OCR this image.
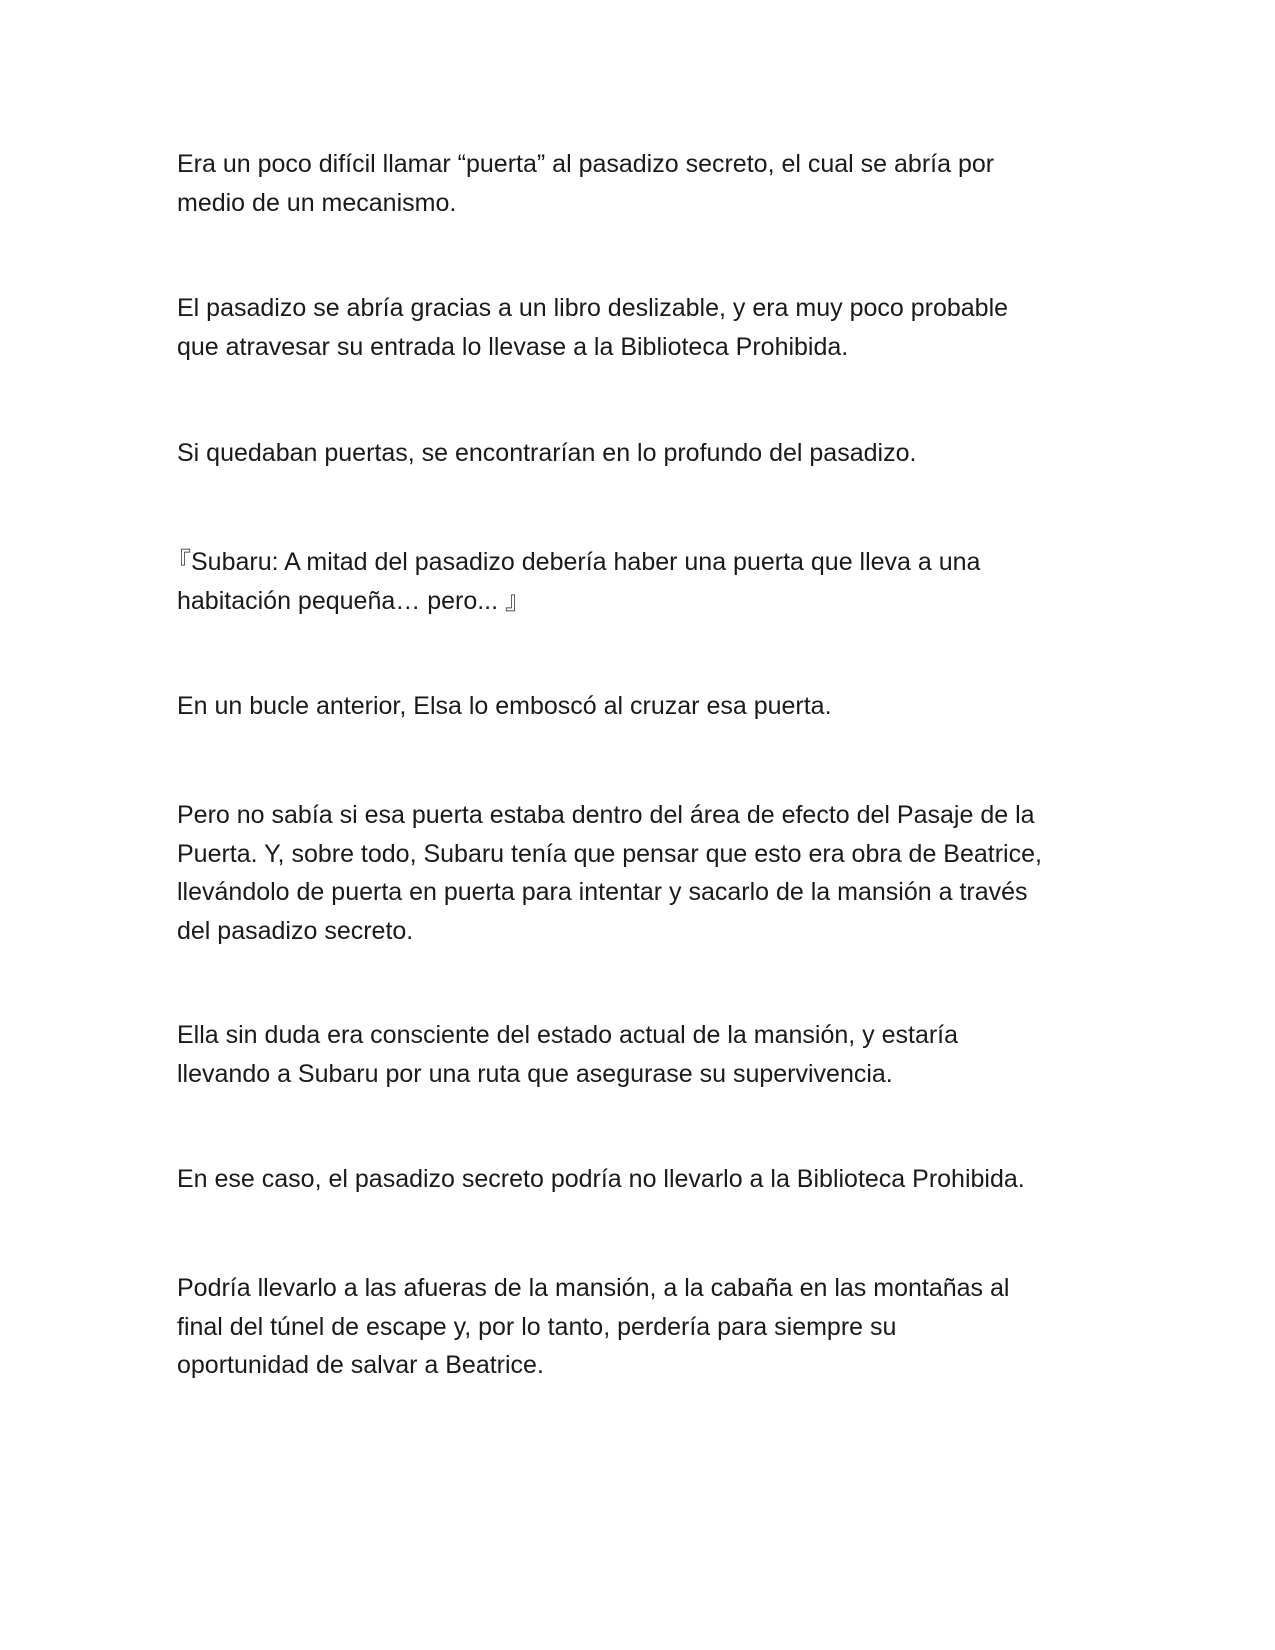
Era un poco difícil llamar “puerta” al pasadizo secreto, el cual se abría por
medio de un mecanismo.

El pasadizo se abría gracias a un libro deslizable, y era muy poco probable
que atravesar su entrada lo llevase a la Biblioteca Prohibida.

Si quedaban puertas, se encontrarían en lo profundo del pasadizo.

『Subaru: A mitad del pasadizo debería haber una puerta que lleva a una
habitación pequeña… pero... 』

En un bucle anterior, Elsa lo emboscó al cruzar esa puerta.

Pero no sabía si esa puerta estaba dentro del área de efecto del Pasaje de la
Puerta. Y, sobre todo, Subaru tenía que pensar que esto era obra de Beatrice,
llevándolo de puerta en puerta para intentar y sacarlo de la mansión a través
del pasadizo secreto.

Ella sin duda era consciente del estado actual de la mansión, y estaría
llevando a Subaru por una ruta que asegurase su supervivencia.

En ese caso, el pasadizo secreto podría no llevarlo a la Biblioteca Prohibida.

Podría llevarlo a las afueras de la mansión, a la cabaña en las montañas al
final del túnel de escape y, por lo tanto, perdería para siempre su
oportunidad de salvar a Beatrice.
